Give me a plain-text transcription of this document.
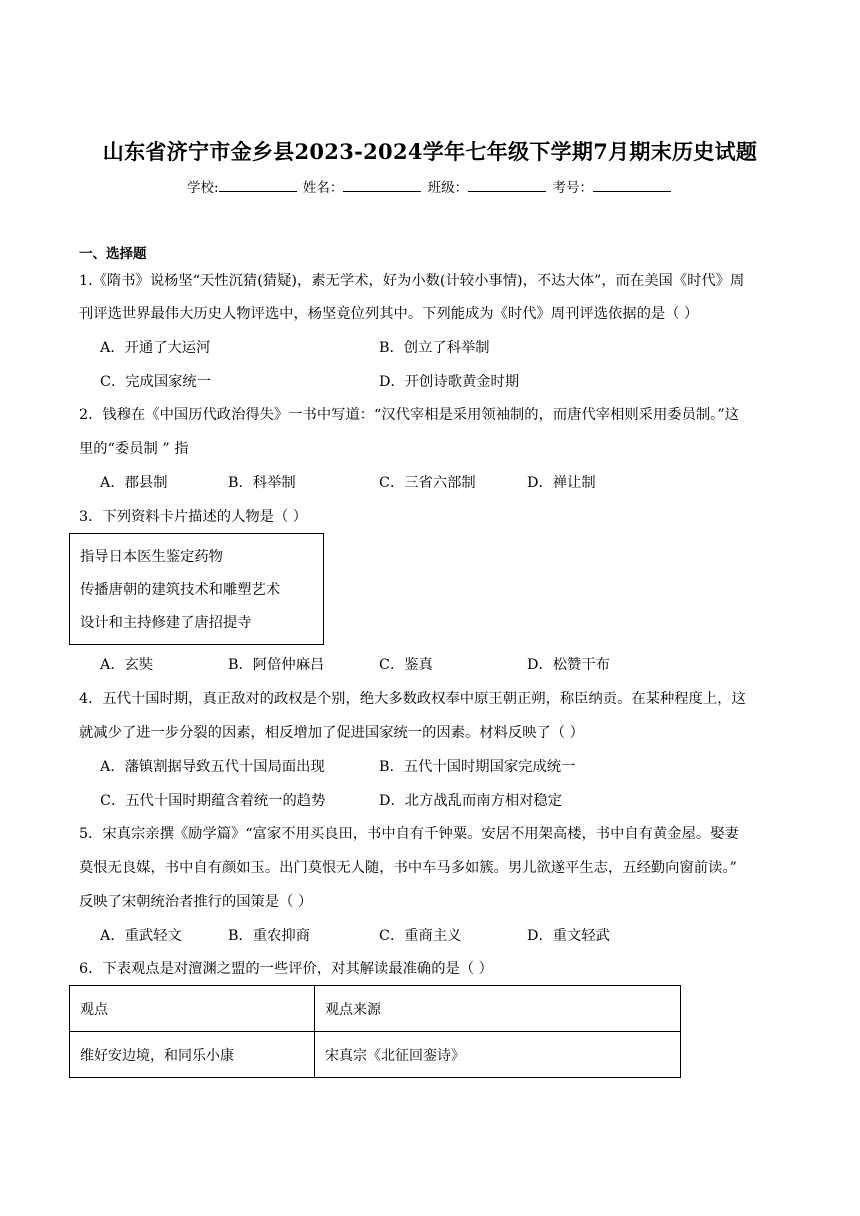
山东省济宁市金乡县2023-2024学年七年级下学期7月期末历史试题
学校:	姓名：	班级：	考号：
一、选择题
1.《隋书》说杨坚“天性沉猜(猜疑)，素无学术，好为小数(计较小事情)，不达大体”，而在美国《时代》周
刊评选世界最伟大历史人物评选中，杨坚竟位列其中。下列能成为《时代》周刊评选依据的是（ ）
A．开通了大运河	B．创立了科举制
C．完成国家统一	D．开创诗歌黄金时期
2．钱穆在《中国历代政治得失》一书中写道：“汉代宰相是采用领袖制的，而唐代宰相则采用委员制。”这
里的“委员制 ” 指
A．郡县制	B．科举制	C．三省六部制	D．禅让制
3．下列资料卡片描述的人物是（ ）
指导日本医生鉴定药物
传播唐朝的建筑技术和雕塑艺术
设计和主持修建了唐招提寺
A．玄奘	B．阿倍仲麻吕	C．鉴真	D．松赞干布
4．五代十国时期，真正敌对的政权是个别，绝大多数政权奉中原王朝正朔，称臣纳贡。在某种程度上，这
就减少了进一步分裂的因素，相反增加了促进国家统一的因素。材料反映了（ ）
A．藩镇割据导致五代十国局面出现	B．五代十国时期国家完成统一
C．五代十国时期蕴含着统一的趋势	D．北方战乱而南方相对稳定
5．宋真宗亲撰《励学篇》“富家不用买良田，书中自有千钟粟。安居不用架高楼，书中自有黄金屋。娶妻
莫恨无良媒，书中自有颜如玉。出门莫恨无人随，书中车马多如簇。男儿欲遂平生志，五经勤向窗前读。”
反映了宋朝统治者推行的国策是（ ）
A．重武轻文	B．重农抑商	C．重商主义	D．重文轻武
6．下表观点是对澶渊之盟的一些评价，对其解读最准确的是（ ）
观点	观点来源
维好安边境，和同乐小康	宋真宗《北征回銮诗》
